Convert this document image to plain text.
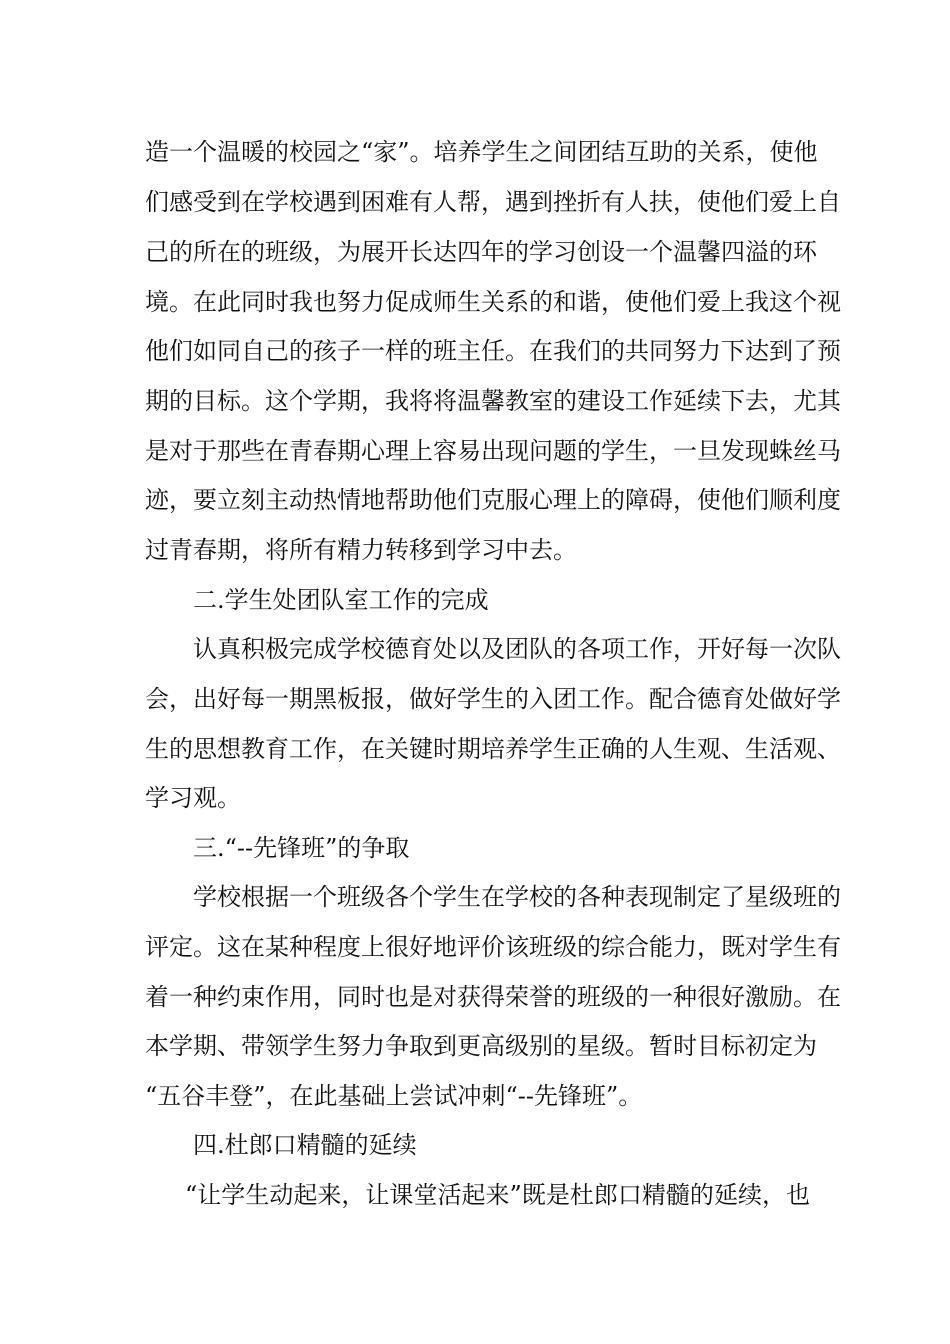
造一个温暖的校园之“家”。培养学生之间团结互助的关系，使他

们感受到在学校遇到困难有人帮，遇到挫折有人扶，使他们爱上自

己的所在的班级，为展开长达四年的学习创设一个温馨四溢的环

境。在此同时我也努力促成师生关系的和谐，使他们爱上我这个视

他们如同自己的孩子一样的班主任。在我们的共同努力下达到了预

期的目标。这个学期，我将将温馨教室的建设工作延续下去，尤其

是对于那些在青春期心理上容易出现问题的学生，一旦发现蛛丝马

迹，要立刻主动热情地帮助他们克服心理上的障碍，使他们顺利度

过青春期，将所有精力转移到学习中去。

二.学生处团队室工作的完成

认真积极完成学校德育处以及团队的各项工作，开好每一次队

会，出好每一期黑板报，做好学生的入团工作。配合德育处做好学

生的思想教育工作，在关键时期培养学生正确的人生观、生活观、

学习观。

三.“--先锋班”的争取

学校根据一个班级各个学生在学校的各种表现制定了星级班的

评定。这在某种程度上很好地评价该班级的综合能力，既对学生有

着一种约束作用，同时也是对获得荣誉的班级的一种很好激励。在

本学期、带领学生努力争取到更高级别的星级。暂时目标初定为

“五谷丰登”，在此基础上尝试冲刺“--先锋班”。

四.杜郎口精髓的延续

“让学生动起来，让课堂活起来”既是杜郎口精髓的延续，也
